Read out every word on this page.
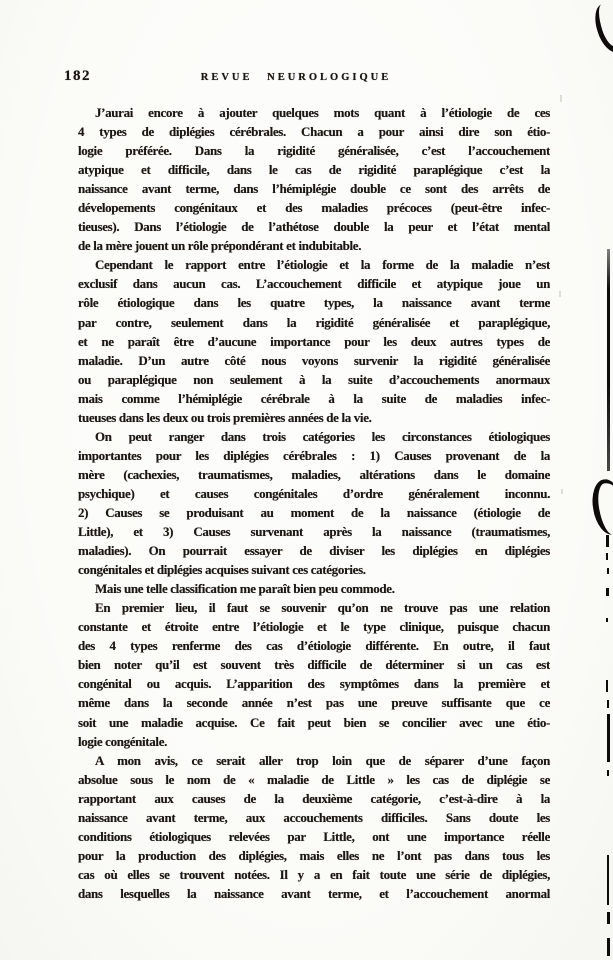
182	REVUE NEUROLOGIQUE

J’aurai encore à ajouter quelques mots quant à l’étiologie de ces
4 types de diplégies cérébrales. Chacun a pour ainsi dire son étio-
logie préférée. Dans la rigidité généralisée, c’est l’accouchement
atypique et difficile, dans le cas de rigidité paraplégique c’est la
naissance avant terme, dans l’hémiplégie double ce sont des arrêts de
dévelopements congénitaux et des maladies précoces (peut-être infec-
tieuses). Dans l’étiologie de l’athétose double la peur et l’état mental
de la mère jouent un rôle prépondérant et indubitable.

Cependant le rapport entre l’étiologie et la forme de la maladie n’est
exclusif dans aucun cas. L’accouchement difficile et atypique joue un
rôle étiologique dans les quatre types, la naissance avant terme
par contre, seulement dans la rigidité généralisée et paraplégique,
et ne paraît être d’aucune importance pour les deux autres types de
maladie. D’un autre côté nous voyons survenir la rigidité généralisée
ou paraplégique non seulement à la suite d’accouchements anormaux
mais comme l’hémiplégie cérébrale à la suite de maladies infec-
tueuses dans les deux ou trois premières années de la vie.

On peut ranger dans trois catégories les circonstances étiologiques
importantes pour les diplégies cérébrales : 1) Causes provenant de la
mère (cachexies, traumatismes, maladies, altérations dans le domaine
psychique) et causes congénitales d’ordre généralement inconnu.
2) Causes se produisant au moment de la naissance (étiologie de
Little), et 3) Causes survenant après la naissance (traumatismes,
maladies). On pourrait essayer de diviser les diplégies en diplégies
congénitales et diplégies acquises suivant ces catégories.

Mais une telle classification me paraît bien peu commode.

En premier lieu, il faut se souvenir qu’on ne trouve pas une relation
constante et étroite entre l’étiologie et le type clinique, puisque chacun
des 4 types renferme des cas d’étiologie différente. En outre, il faut
bien noter qu’il est souvent très difficile de déterminer si un cas est
congénital ou acquis. L’apparition des symptômes dans la première et
même dans la seconde année n’est pas une preuve suffisante que ce
soit une maladie acquise. Ce fait peut bien se concilier avec une étio-
logie congénitale.

A mon avis, ce serait aller trop loin que de séparer d’une façon
absolue sous le nom de « maladie de Little » les cas de diplégie se
rapportant aux causes de la deuxième catégorie, c’est-à-dire à la
naissance avant terme, aux accouchements difficiles. Sans doute les
conditions étiologiques relevées par Little, ont une importance réelle
pour la production des diplégies, mais elles ne l’ont pas dans tous les
cas où elles se trouvent notées. Il y a en fait toute une série de diplégies,
dans lesquelles la naissance avant terme, et l’accouchement anormal
